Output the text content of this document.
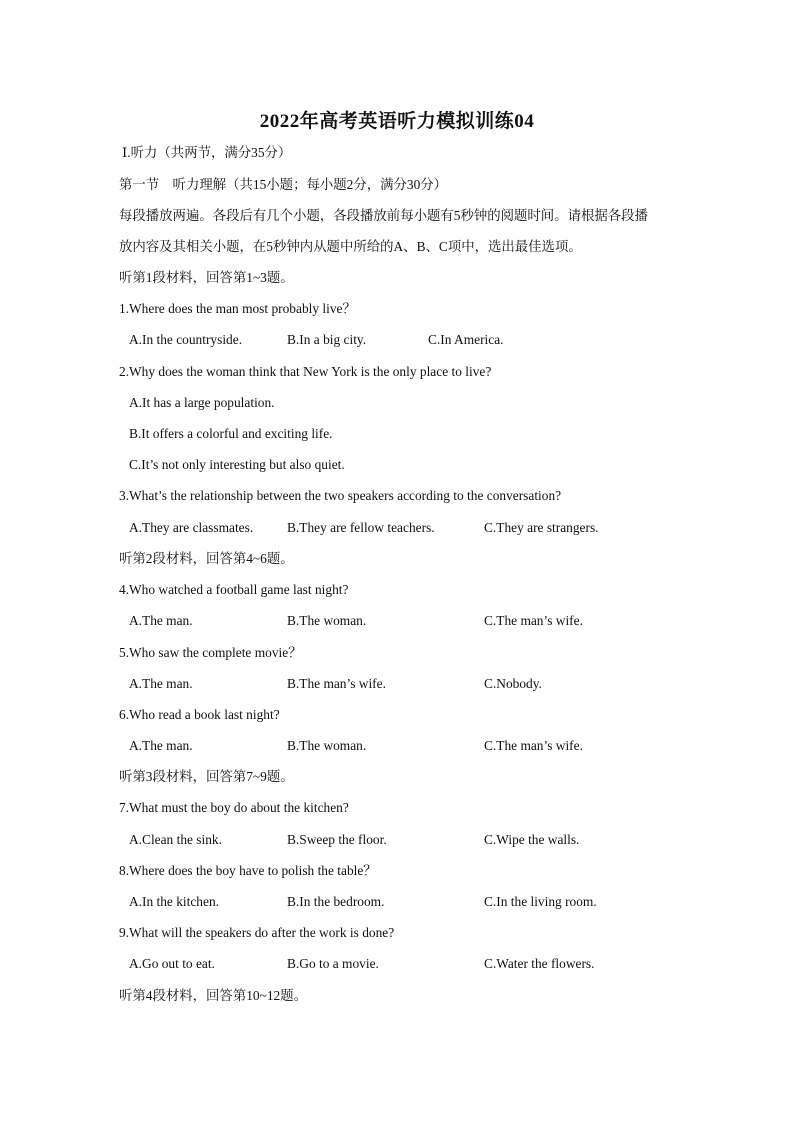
2022年高考英语听力模拟训练04
Ⅰ.听力（共两节，满分35分）
第一节　听力理解（共15小题；每小题2分，满分30分）
每段播放两遍。各段后有几个小题，各段播放前每小题有5秒钟的阅题时间。请根据各段播
放内容及其相关小题，在5秒钟内从题中所给的A、B、C项中，选出最佳选项。
听第1段材料，回答第1~3题。
1.Where does the man most probably live？
A.In the countryside.	B.In a big city.	C.In America.
2.Why does the woman think that New York is the only place to live?
A.It has a large population.
B.It offers a colorful and exciting life.
C.It’s not only interesting but also quiet.
3.What’s the relationship between the two speakers according to the conversation?
A.They are classmates.	B.They are fellow teachers.	C.They are strangers.
听第2段材料，回答第4~6题。
4.Who watched a football game last night?
A.The man.	B.The woman.	C.The man’s wife.
5.Who saw the complete movie？
A.The man.	B.The man’s wife.	C.Nobody.
6.Who read a book last night?
A.The man.	B.The woman.	C.The man’s wife.
听第3段材料，回答第7~9题。
7.What must the boy do about the kitchen?
A.Clean the sink.	B.Sweep the floor.	C.Wipe the walls.
8.Where does the boy have to polish the table？
A.In the kitchen.	B.In the bedroom.	C.In the living room.
9.What will the speakers do after the work is done?
A.Go out to eat.	B.Go to a movie.	C.Water the flowers.
听第4段材料，回答第10~12题。
